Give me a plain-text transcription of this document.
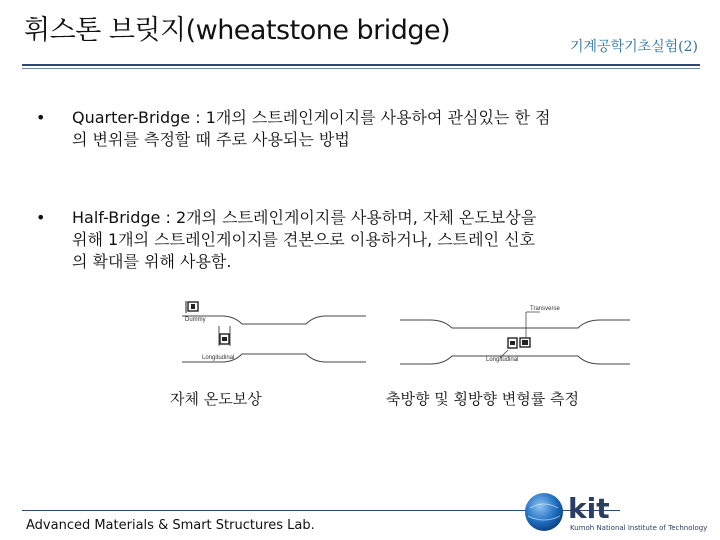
휘스톤 브릿지(wheatstone bridge)
기계공학기초실험(2)
• Quarter-Bridge : 1개의 스트레인게이지를 사용하여 관심있는 한 점
의 변위를 측정할 때 주로 사용되는 방법
• Half-Bridge : 2개의 스트레인게이지를 사용하며, 자체 온도보상을
위해 1개의 스트레인게이지를 견본으로 이용하거나, 스트레인 신호
의 확대를 위해 사용함.
Dummy
Longitudinal
Transverse
Longitudinal
자체 온도보상	축방향 및 횡방향 변형률 측정
Advanced Materials & Smart Structures Lab.
kit
Kumoh National Institute of Technology
